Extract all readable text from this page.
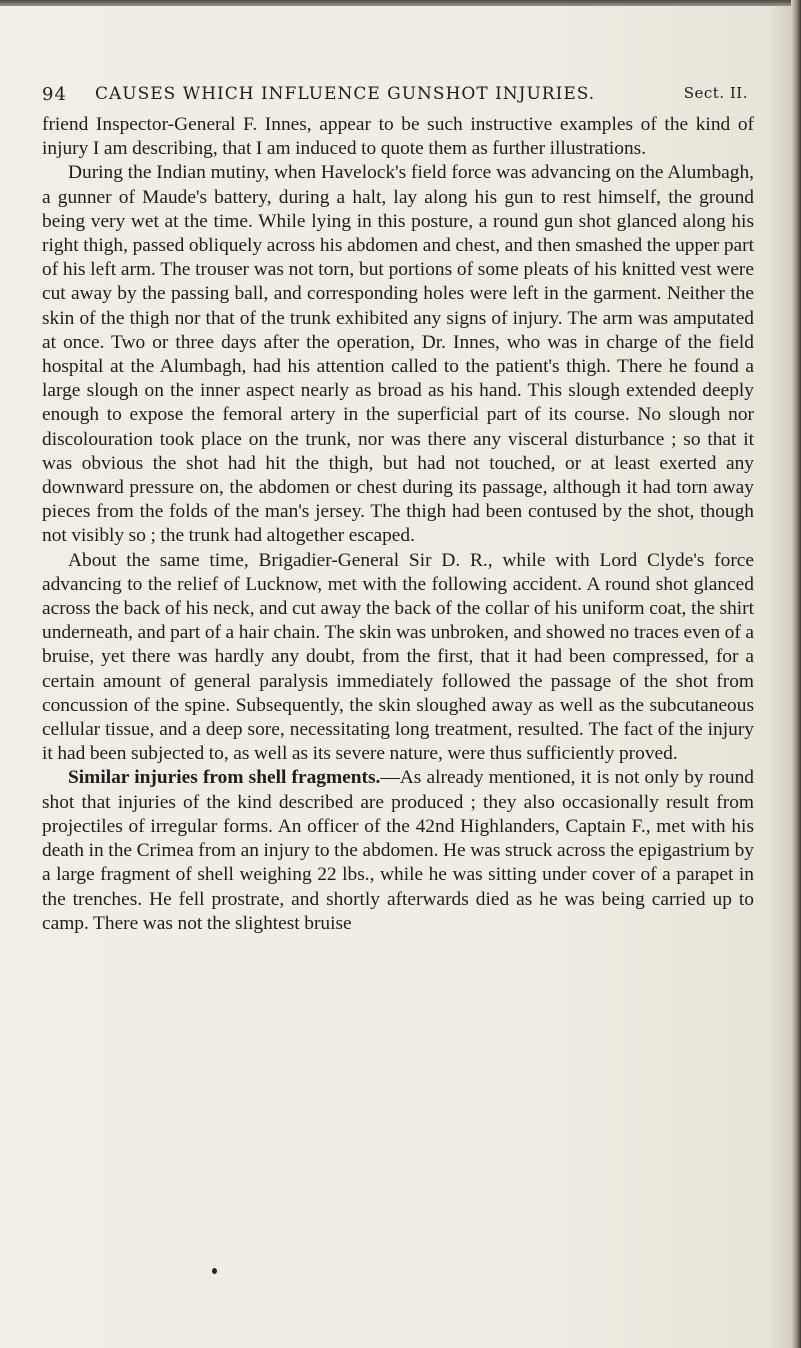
94 CAUSES WHICH INFLUENCE GUNSHOT INJURIES.	Sect. II.

friend Inspector-General F. Innes, appear to be such instructive examples of the kind of injury I am describing, that I am induced to quote them as further illustrations.

During the Indian mutiny, when Havelock's field force was advancing on the Alumbagh, a gunner of Maude's battery, during a halt, lay along his gun to rest himself, the ground being very wet at the time. While lying in this posture, a round gun shot glanced along his right thigh, passed obliquely across his abdomen and chest, and then smashed the upper part of his left arm. The trouser was not torn, but portions of some pleats of his knitted vest were cut away by the passing ball, and corresponding holes were left in the garment. Neither the skin of the thigh nor that of the trunk exhibited any signs of injury. The arm was amputated at once. Two or three days after the operation, Dr. Innes, who was in charge of the field hospital at the Alumbagh, had his attention called to the patient's thigh. There he found a large slough on the inner aspect nearly as broad as his hand. This slough extended deeply enough to expose the femoral artery in the superficial part of its course. No slough nor discolouration took place on the trunk, nor was there any visceral disturbance ; so that it was obvious the shot had hit the thigh, but had not touched, or at least exerted any downward pressure on, the abdomen or chest during its passage, although it had torn away pieces from the folds of the man's jersey. The thigh had been contused by the shot, though not visibly so ; the trunk had altogether escaped.

About the same time, Brigadier-General Sir D. R., while with Lord Clyde's force advancing to the relief of Lucknow, met with the following accident. A round shot glanced across the back of his neck, and cut away the back of the collar of his uniform coat, the shirt underneath, and part of a hair chain. The skin was unbroken, and showed no traces even of a bruise, yet there was hardly any doubt, from the first, that it had been compressed, for a certain amount of general paralysis immediately followed the passage of the shot from concussion of the spine. Subsequently, the skin sloughed away as well as the subcutaneous cellular tissue, and a deep sore, necessitating long treatment, resulted. The fact of the injury it had been subjected to, as well as its severe nature, were thus sufficiently proved.

Similar injuries from shell fragments.—As already mentioned, it is not only by round shot that injuries of the kind described are produced ; they also occasionally result from projectiles of irregular forms. An officer of the 42nd Highlanders, Captain F., met with his death in the Crimea from an injury to the abdomen. He was struck across the epigastrium by a large fragment of shell weighing 22 lbs., while he was sitting under cover of a parapet in the trenches. He fell prostrate, and shortly afterwards died as he was being carried up to camp. There was not the slightest bruise
